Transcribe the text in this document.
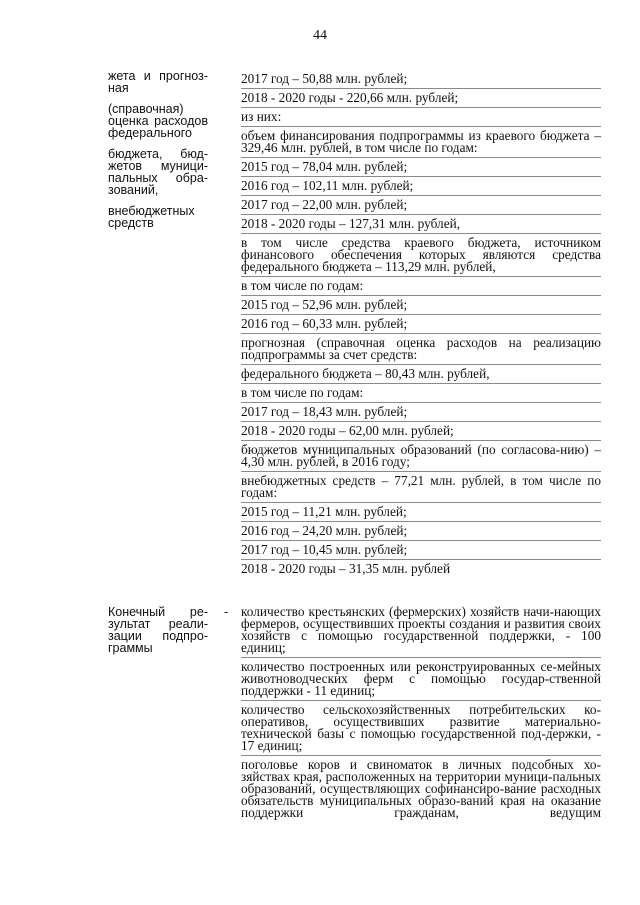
44

жета и прогноз-ная

(справочная) оценка расходов федерального

бюджета, бюд-жетов муници-пальных обра-зований,

внебюджетных средств

2017 год – 50,88 млн. рублей;

2018 - 2020 годы - 220,66 млн. рублей;

из них:

объем финансирования подпрограммы из краевого бюджета – 329,46 млн. рублей, в том числе по годам:

2015 год – 78,04 млн. рублей;

2016 год – 102,11 млн. рублей;

2017 год – 22,00 млн. рублей;

2018 - 2020 годы – 127,31 млн. рублей,

в том числе средства краевого бюджета, источником финансового обеспечения которых являются средства федерального бюджета – 113,29 млн. рублей,

в том числе по годам:

2015 год – 52,96 млн. рублей;

2016 год – 60,33 млн. рублей;

прогнозная (справочная оценка расходов на реализацию подпрограммы за счет средств:

федерального бюджета – 80,43 млн. рублей,

в том числе по годам:

2017 год – 18,43 млн. рублей;

2018 - 2020 годы – 62,00 млн. рублей;

бюджетов муниципальных образований (по согласова-нию) – 4,30 млн. рублей, в 2016 году;

внебюджетных средств – 77,21 млн. рублей, в том числе по годам:

2015 год – 11,21 млн. рублей;

2016 год – 24,20 млн. рублей;

2017 год – 10,45 млн. рублей;

2018 - 2020 годы – 31,35 млн. рублей

Конечный ре-зультат реали-зации подпро-граммы

- количество крестьянских (фермерских) хозяйств начи-нающих фермеров, осуществивших проекты создания и развития своих хозяйств с помощью государственной поддержки, - 100 единиц;

количество построенных или реконструированных се-мейных животноводческих ферм с помощью государ-ственной поддержки - 11 единиц;

количество сельскохозяйственных потребительских ко-оперативов, осуществивших развитие материально-технической базы с помощью государственной под-держки, - 17 единиц;

поголовье коров и свиноматок в личных подсобных хо-зяйствах края, расположенных на территории муници-пальных образований, осуществляющих софинансиро-вание расходных обязательств муниципальных образо-ваний края на оказание поддержки гражданам, ведущим
